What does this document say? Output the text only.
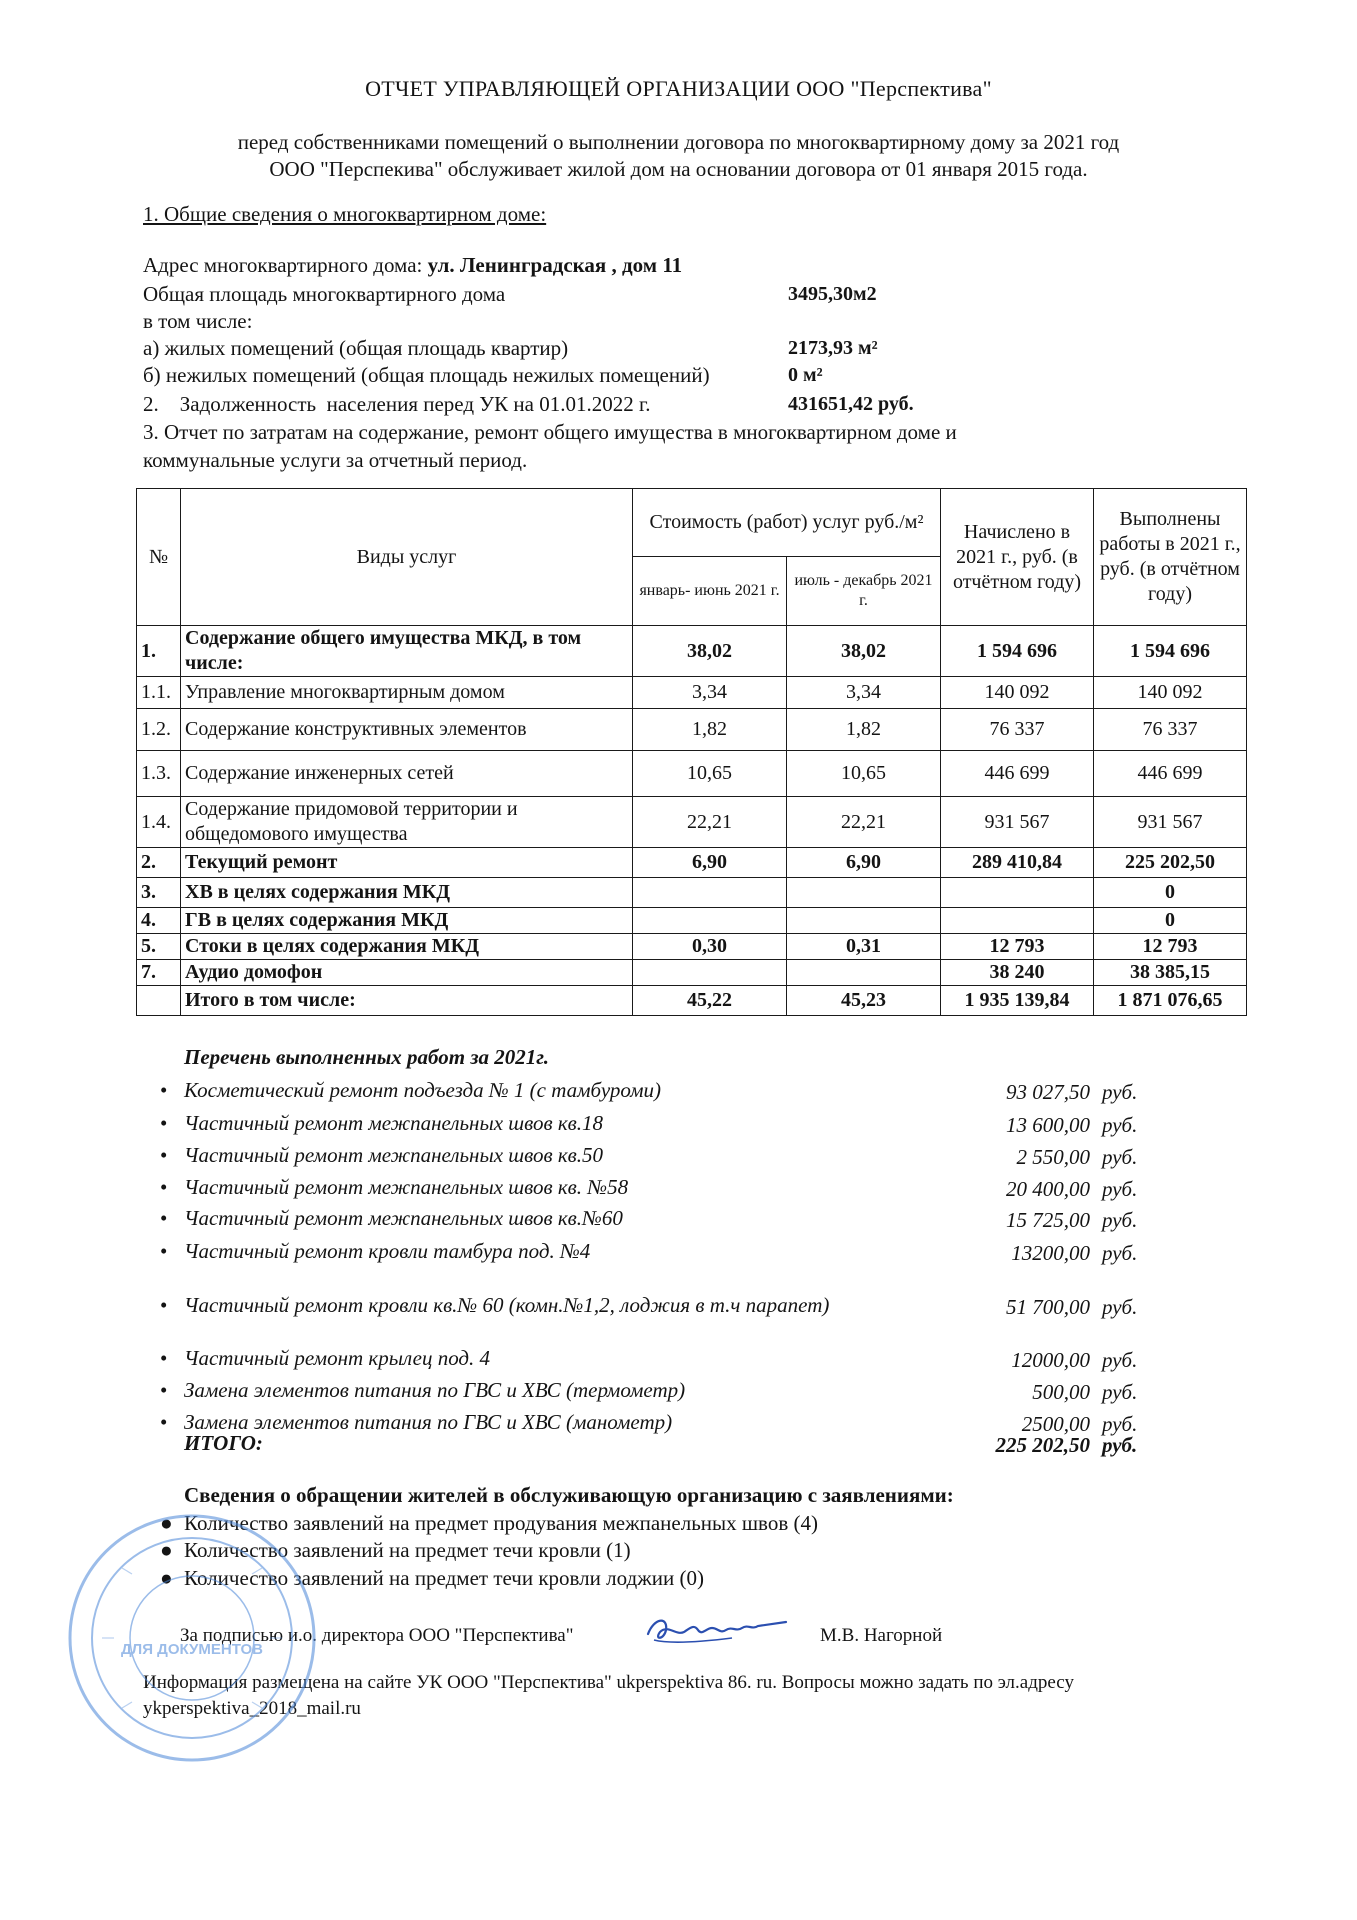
ОТЧЕТ УПРАВЛЯЮЩЕЙ ОРГАНИЗАЦИИ ООО "Перспектива"
перед собственниками помещений о выполнении договора по многоквартирному дому за 2021 год
ООО "Перспекива" обслуживает жилой дом на основании договора от 01 января 2015 года.
1. Общие сведения о многоквартирном доме:
Адрес многоквартирного дома: ул. Ленинградская , дом 11
Общая площадь многоквартирного дома	3495,30м2
в том числе:
а) жилых помещений (общая площадь квартир)	2173,93 м²
б) нежилых помещений (общая площадь нежилых помещений)	0 м²
2.    Задолженность  населения перед УК на 01.01.2022 г.	431651,42 руб.
3. Отчет по затратам на содержание, ремонт общего имущества в многоквартирном доме и
коммунальные услуги за отчетный период.
№	Виды услуг	Стоимость (работ) услуг руб./м²		Начислено в 2021 г., руб. (в отчётном году)	Выполнены работы в 2021 г., руб. (в отчётном году)
		январь- июнь 2021 г.	июль - декабрь 2021 г.		
1.	Содержание общего имущества МКД, в том числе:	38,02	38,02	1 594 696	1 594 696
1.1.	Управление многоквартирным домом	3,34	3,34	140 092	140 092
1.2.	Содержание конструктивных элементов	1,82	1,82	76 337	76 337
1.3.	Содержание инженерных сетей	10,65	10,65	446 699	446 699
1.4.	Содержание придомовой территории и общедомового имущества	22,21	22,21	931 567	931 567
2.	Текущий ремонт	6,90	6,90	289 410,84	225 202,50
3.	ХВ в целях содержания МКД				0
4.	ГВ в целях содержания МКД				0
5.	Стоки в целях содержания МКД	0,30	0,31	12 793	12 793
7.	Аудио домофон			38 240	38 385,15
	Итого в том числе:	45,22	45,23	1 935 139,84	1 871 076,65
Перечень выполненных работ за 2021г.
• Косметический ремонт подъезда № 1 (с тамбуроми)	93 027,50 руб.
• Частичный ремонт межпанельных швов кв.18	13 600,00 руб.
• Частичный ремонт межпанельных швов кв.50	2 550,00 руб.
• Частичный ремонт межпанельных швов кв. №58	20 400,00 руб.
• Частичный ремонт межпанельных швов кв.№60	15 725,00 руб.
• Частичный ремонт кровли тамбура под. №4	13200,00 руб.
• Частичный ремонт кровли кв.№ 60 (комн.№1,2, лоджия в т.ч парапет)	51 700,00 руб.
• Частичный ремонт крылец под. 4	12000,00 руб.
• Замена элементов питания по ГВС и ХВС (термометр)	500,00 руб.
• Замена элементов питания по ГВС и ХВС (манометр)	2500,00 руб.
ИТОГО:	225 202,50 руб.
Сведения о обращении жителей в обслуживающую организацию с заявлениями:
● Количество заявлений на предмет продувания межпанельных швов (4)
● Количество заявлений на предмет течи кровли (1)
● Количество заявлений на предмет течи кровли лоджии (0)
За подписью и.о. директора ООО "Перспектива"	М.В. Нагорной
Информация размещена на сайте УК ООО "Перспектива" ukperspektiva 86. ru. Вопросы можно задать по эл.адресу
ykperspektiva_2018_mail.ru
ДЛЯ ДОКУМЕНТОВ
